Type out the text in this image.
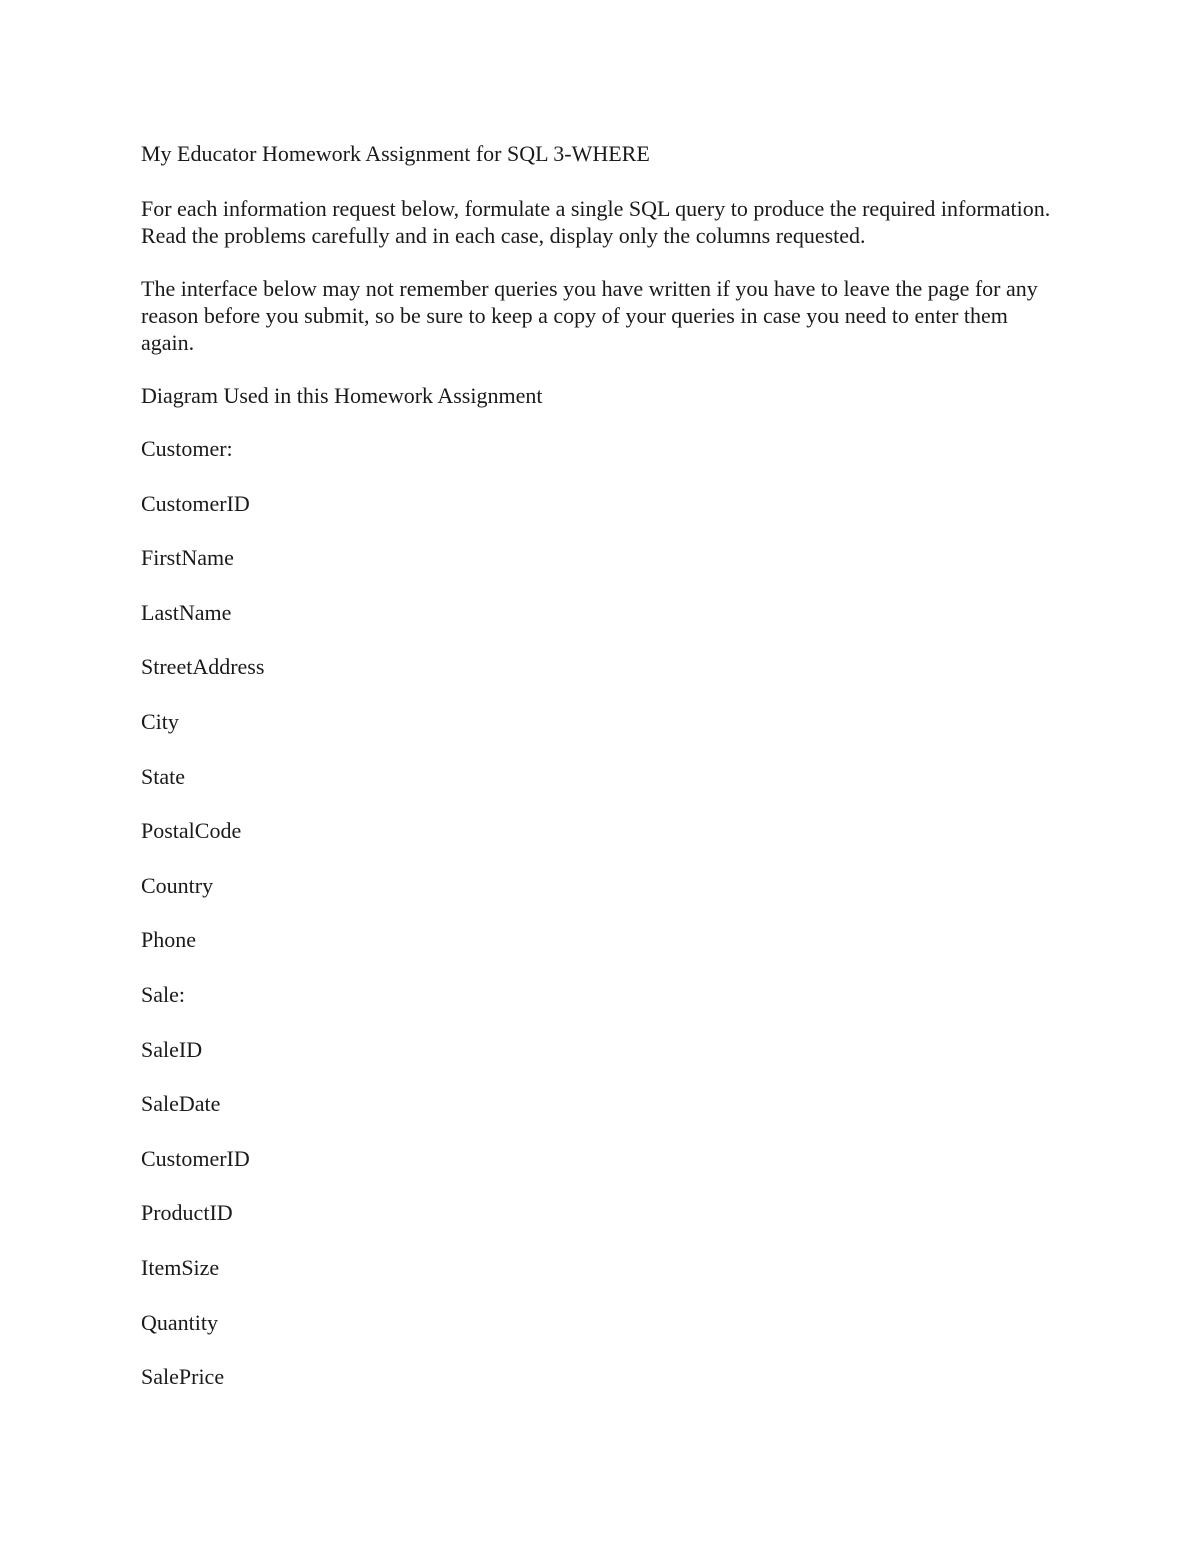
My Educator Homework Assignment for SQL 3-WHERE

For each information request below, formulate a single SQL query to produce the required information. Read the problems carefully and in each case, display only the columns requested.

The interface below may not remember queries you have written if you have to leave the page for any reason before you submit, so be sure to keep a copy of your queries in case you need to enter them again.

Diagram Used in this Homework Assignment

Customer:
CustomerID
FirstName
LastName
StreetAddress
City
State
PostalCode
Country
Phone
Sale:
SaleID
SaleDate
CustomerID
ProductID
ItemSize
Quantity
SalePrice
